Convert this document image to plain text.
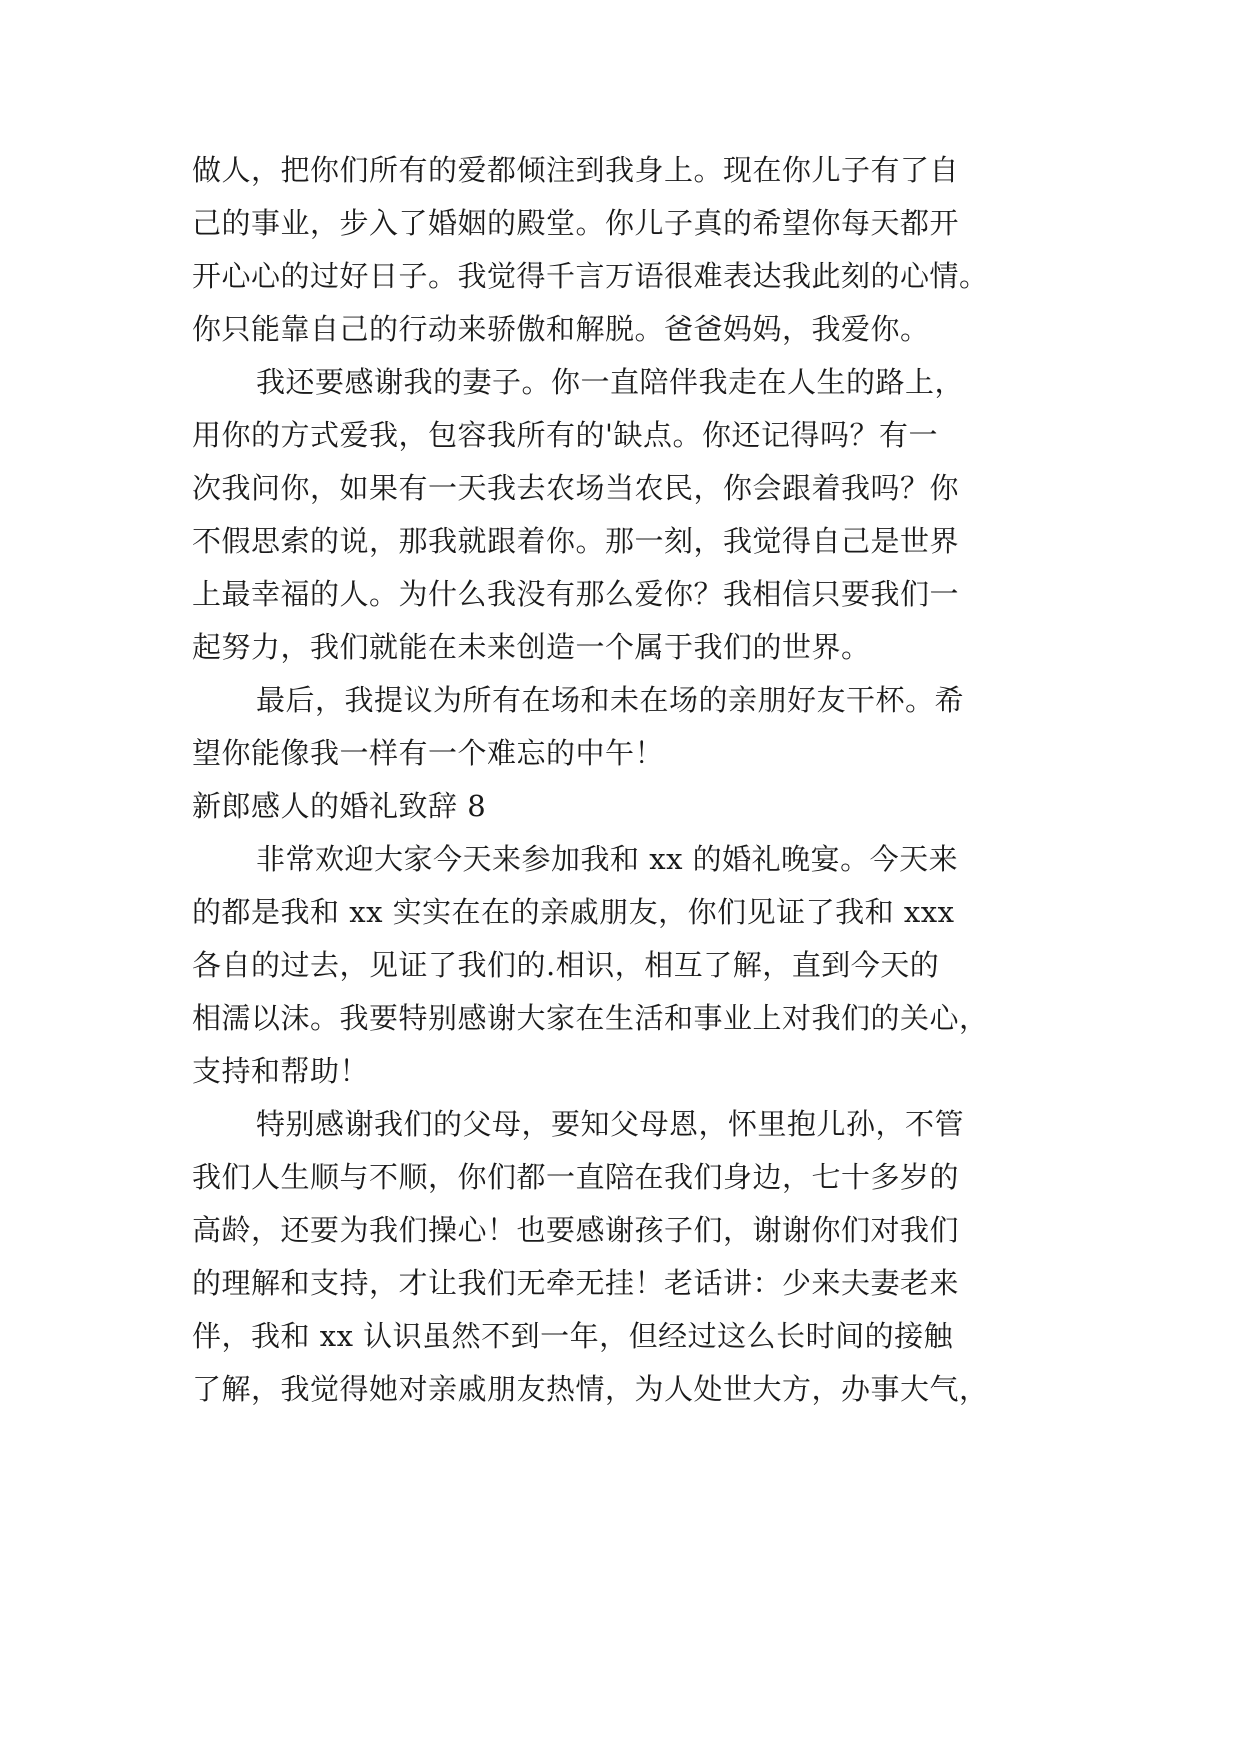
做人，把你们所有的爱都倾注到我身上。现在你儿子有了自
己的事业，步入了婚姻的殿堂。你儿子真的希望你每天都开
开心心的过好日子。我觉得千言万语很难表达我此刻的心情。
你只能靠自己的行动来骄傲和解脱。爸爸妈妈，我爱你。
我还要感谢我的妻子。你一直陪伴我走在人生的路上，
用你的方式爱我，包容我所有的'缺点。你还记得吗？有一
次我问你，如果有一天我去农场当农民，你会跟着我吗？你
不假思索的说，那我就跟着你。那一刻，我觉得自己是世界
上最幸福的人。为什么我没有那么爱你？我相信只要我们一
起努力，我们就能在未来创造一个属于我们的世界。
最后，我提议为所有在场和未在场的亲朋好友干杯。希
望你能像我一样有一个难忘的中午！
新郎感人的婚礼致辞 8
非常欢迎大家今天来参加我和 xx 的婚礼晚宴。今天来
的都是我和 xx 实实在在的亲戚朋友，你们见证了我和 xxx
各自的过去，见证了我们的.相识，相互了解，直到今天的
相濡以沫。我要特别感谢大家在生活和事业上对我们的关心，
支持和帮助！
特别感谢我们的父母，要知父母恩，怀里抱儿孙，不管
我们人生顺与不顺，你们都一直陪在我们身边，七十多岁的
高龄，还要为我们操心！也要感谢孩子们，谢谢你们对我们
的理解和支持，才让我们无牵无挂！老话讲：少来夫妻老来
伴，我和 xx 认识虽然不到一年，但经过这么长时间的接触
了解，我觉得她对亲戚朋友热情，为人处世大方，办事大气，
